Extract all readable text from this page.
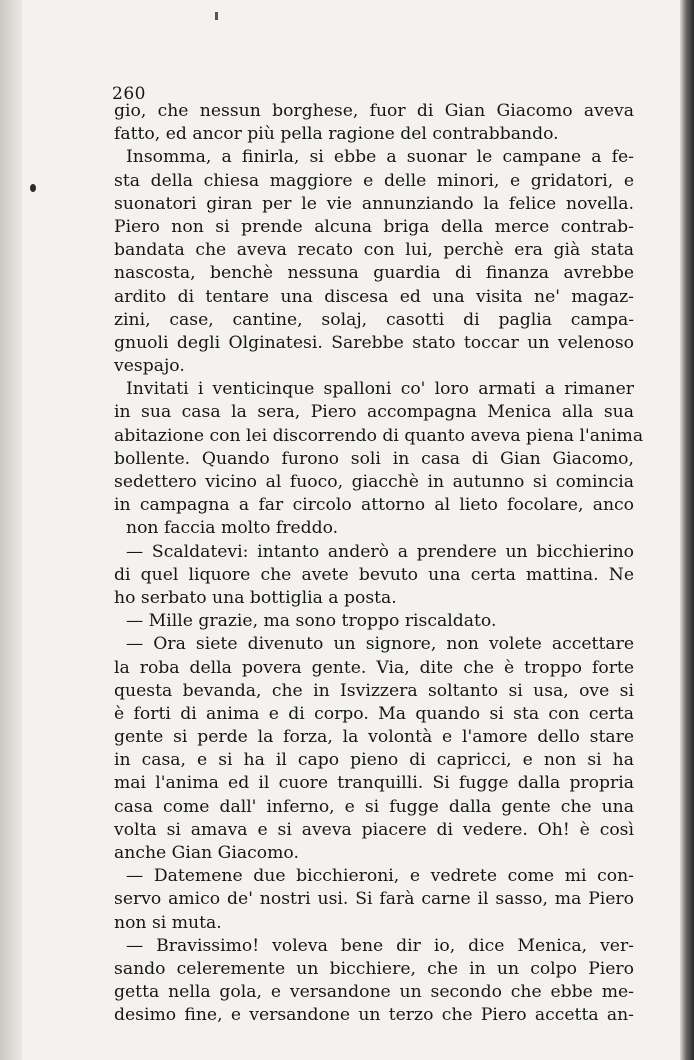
260
gio, che nessun borghese, fuor di Gian Giacomo aveva
fatto, ed ancor più pella ragione del contrabbando.
Insomma, a finirla, si ebbe a suonar le campane a fe-
sta della chiesa maggiore e delle minori, e gridatori, e
suonatori giran per le vie annunziando la felice novella.
Piero non si prende alcuna briga della merce contrab-
bandata che aveva recato con lui, perchè era già stata
nascosta, benchè nessuna guardia di finanza avrebbe
ardito di tentare una discesa ed una visita ne' magaz-
zini, case, cantine, solaj, casotti di paglia campa-
gnuoli degli Olginatesi. Sarebbe stato toccar un velenoso
vespajo.
Invitati i venticinque spalloni co' loro armati a rimaner
in sua casa la sera, Piero accompagna Menica alla sua
abitazione con lei discorrendo di quanto aveva piena l'anima
bollente. Quando furono soli in casa di Gian Giacomo,
sedettero vicino al fuoco, giacchè in autunno si comincia
in campagna a far circolo attorno al lieto focolare, anco
non faccia molto freddo.
— Scaldatevi: intanto anderò a prendere un bicchierino
di quel liquore che avete bevuto una certa mattina. Ne
ho serbato una bottiglia a posta.
— Mille grazie, ma sono troppo riscaldato.
— Ora siete divenuto un signore, non volete accettare
la roba della povera gente. Via, dite che è troppo forte
questa bevanda, che in Isvizzera soltanto si usa, ove si
è forti di anima e di corpo. Ma quando si sta con certa
gente si perde la forza, la volontà e l'amore dello stare
in casa, e si ha il capo pieno di capricci, e non si ha
mai l'anima ed il cuore tranquilli. Si fugge dalla propria
casa come dall' inferno, e si fugge dalla gente che una
volta si amava e si aveva piacere di vedere. Oh! è così
anche Gian Giacomo.
— Datemene due bicchieroni, e vedrete come mi con-
servo amico de' nostri usi. Si farà carne il sasso, ma Piero
non si muta.
— Bravissimo! voleva bene dir io, dice Menica, ver-
sando celeremente un bicchiere, che in un colpo Piero
getta nella gola, e versandone un secondo che ebbe me-
desimo fine, e versandone un terzo che Piero accetta an-
